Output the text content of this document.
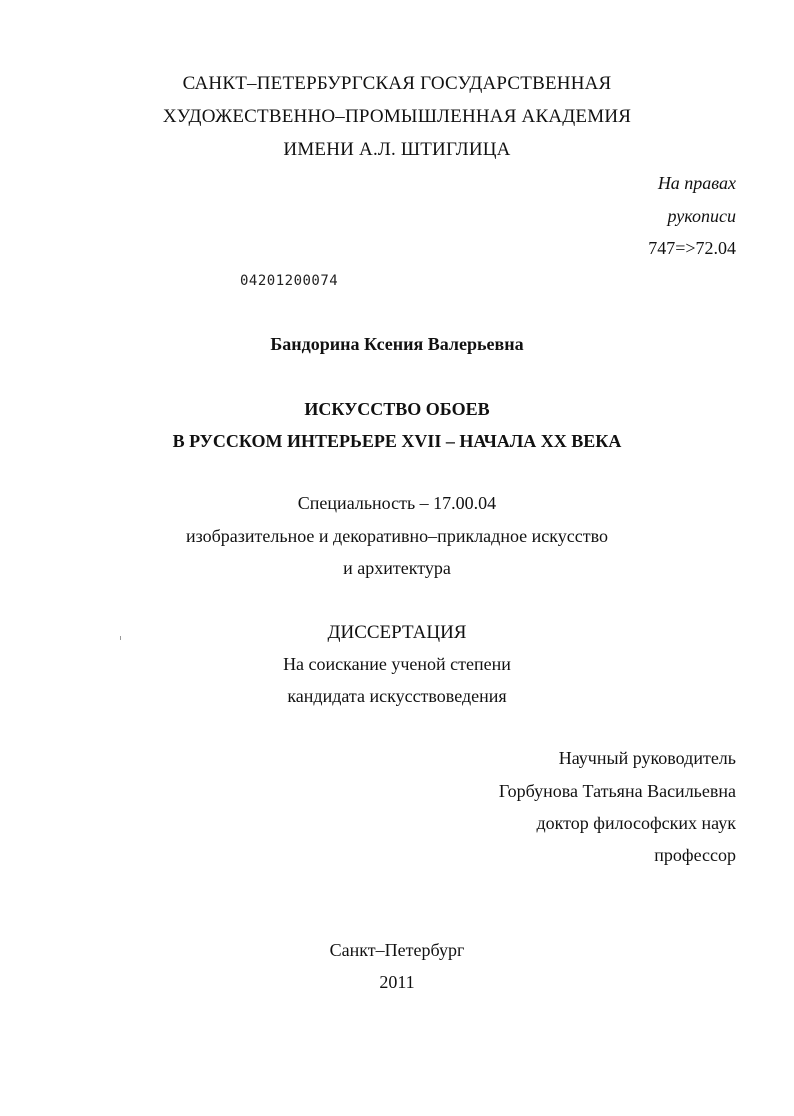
САНКТ–ПЕТЕРБУРГСКАЯ ГОСУДАРСТВЕННАЯ
ХУДОЖЕСТВЕННО–ПРОМЫШЛЕННАЯ АКАДЕМИЯ
ИМЕНИ А.Л. ШТИГЛИЦА
На правах
рукописи
747=>72.04
04201200074
Бандорина Ксения Валерьевна
ИСКУССТВО ОБОЕВ
В РУССКОМ ИНТЕРЬЕРЕ XVII – НАЧАЛА XX ВЕКА
Специальность – 17.00.04
изобразительное и декоративно–прикладное искусство
и архитектура
ДИССЕРТАЦИЯ
На соискание ученой степени
кандидата искусствоведения
Научный руководитель
Горбунова Татьяна Васильевна
доктор философских наук
профессор
Санкт–Петербург
2011
